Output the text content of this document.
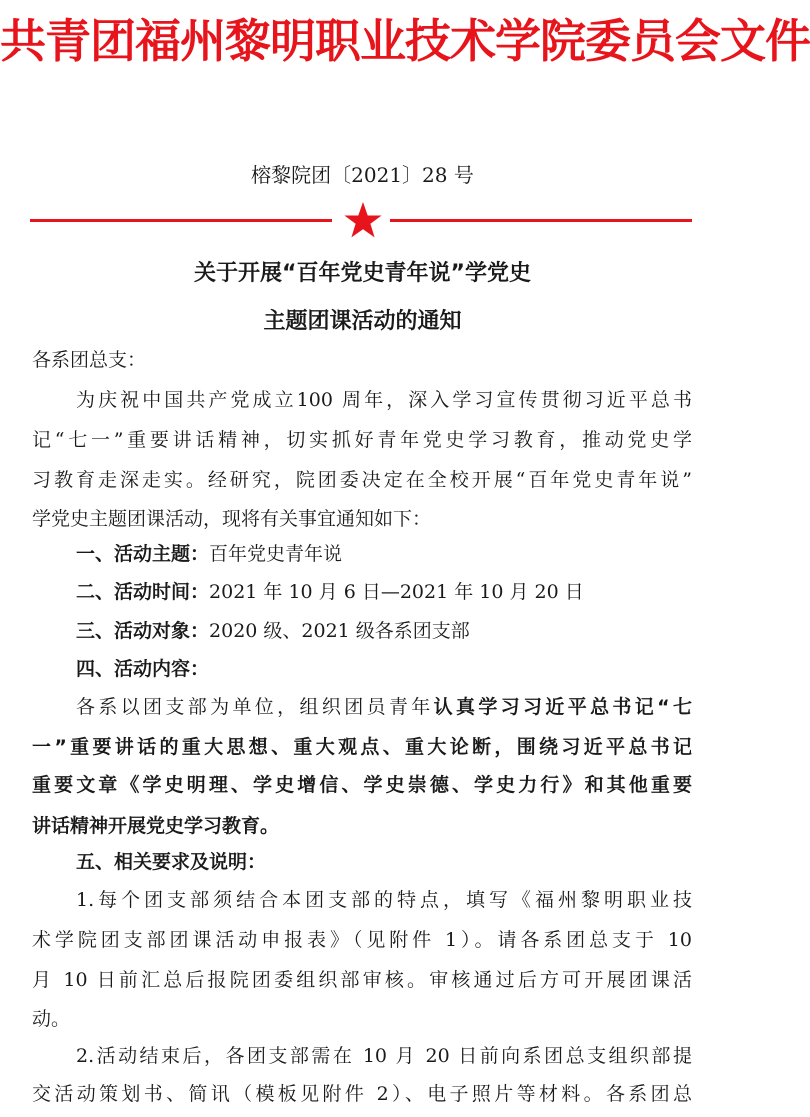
共青团福州黎明职业技术学院委员会文件
榕黎院团〔2021〕28 号
关于开展“百年党史青年说”学党史
主题团课活动的通知
各系团总支：
为庆祝中国共产党成立100 周年，深入学习宣传贯彻习近平总书
记“七一”重要讲话精神，切实抓好青年党史学习教育，推动党史学
习教育走深走实。经研究，院团委决定在全校开展“百年党史青年说”
学党史主题团课活动，现将有关事宜通知如下：
一、活动主题：百年党史青年说
二、活动时间：2021 年 10 月 6 日—2021 年 10 月 20 日
三、活动对象：2020 级、2021 级各系团支部
四、活动内容：
各系以团支部为单位，组织团员青年认真学习习近平总书记“七
一”重要讲话的重大思想、重大观点、重大论断，围绕习近平总书记
重要文章《学史明理、学史增信、学史崇德、学史力行》和其他重要
讲话精神开展党史学习教育。
五、相关要求及说明：
1.每个团支部须结合本团支部的特点，填写《福州黎明职业技
术学院团支部团课活动申报表》（见附件 1）。请各系团总支于 10
月 10 日前汇总后报院团委组织部审核。审核通过后方可开展团课活
动。
2.活动结束后，各团支部需在 10 月 20 日前向系团总支组织部提
交活动策划书、简讯（模板见附件 2）、电子照片等材料。各系团总
